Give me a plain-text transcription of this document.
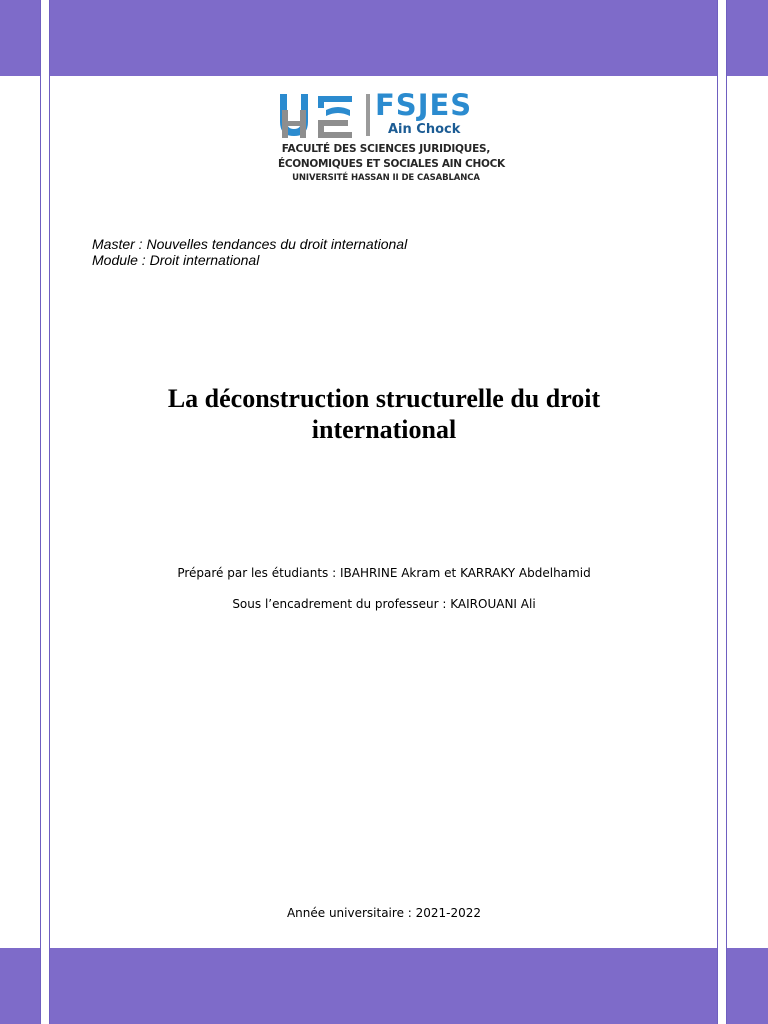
FSJES
Ain Chock
FACULTÉ DES SCIENCES JURIDIQUES,
ÉCONOMIQUES ET SOCIALES AIN CHOCK
UNIVERSITÉ HASSAN II DE CASABLANCA
Master : Nouvelles tendances du droit international
Module : Droit international
La déconstruction structurelle du droit
international
Préparé par les étudiants : IBAHRINE Akram et KARRAKY Abdelhamid
Sous l’encadrement du professeur : KAIROUANI Ali
Année universitaire : 2021-2022
